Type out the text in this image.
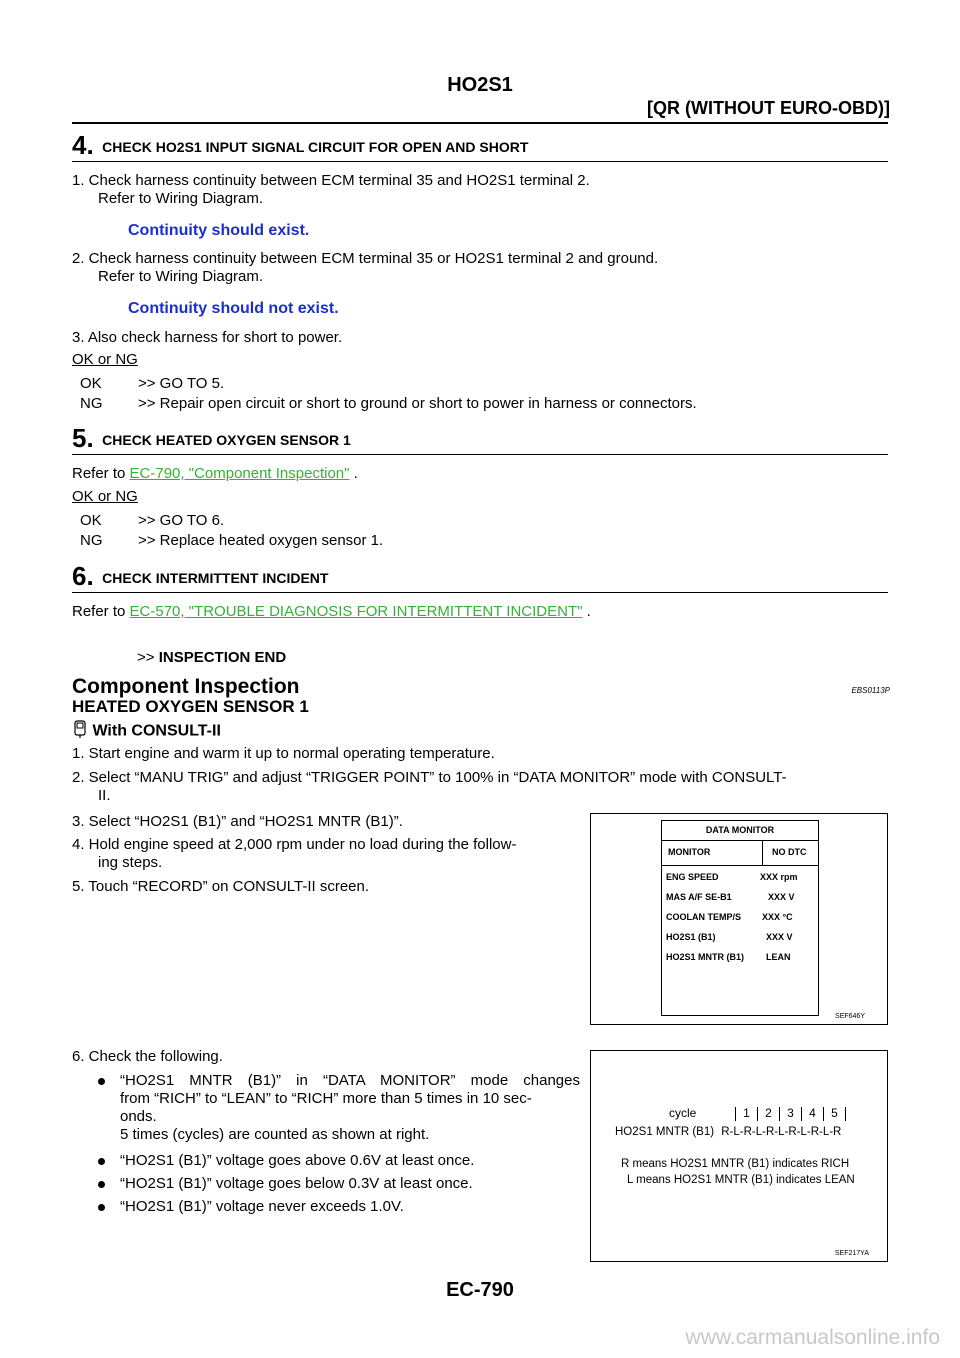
HO2S1
[QR (WITHOUT EURO-OBD)]
4. CHECK HO2S1 INPUT SIGNAL CIRCUIT FOR OPEN AND SHORT
1. Check harness continuity between ECM terminal 35 and HO2S1 terminal 2.
Refer to Wiring Diagram.
Continuity should exist.
2. Check harness continuity between ECM terminal 35 or HO2S1 terminal 2 and ground.
Refer to Wiring Diagram.
Continuity should not exist.
3. Also check harness for short to power.
OK or NG
OK >> GO TO 5.
NG >> Repair open circuit or short to ground or short to power in harness or connectors.
5. CHECK HEATED OXYGEN SENSOR 1
Refer to EC-790, "Component Inspection" .
OK or NG
OK >> GO TO 6.
NG >> Replace heated oxygen sensor 1.
6. CHECK INTERMITTENT INCIDENT
Refer to EC-570, "TROUBLE DIAGNOSIS FOR INTERMITTENT INCIDENT" .
>> INSPECTION END
Component Inspection	EBS0113P
HEATED OXYGEN SENSOR 1
With CONSULT-II
1. Start engine and warm it up to normal operating temperature.
2. Select “MANU TRIG” and adjust “TRIGGER POINT” to 100% in “DATA MONITOR” mode with CONSULT-
II.
3. Select “HO2S1 (B1)” and “HO2S1 MNTR (B1)”.
4. Hold engine speed at 2,000 rpm under no load during the follow-
ing steps.
5. Touch “RECORD” on CONSULT-II screen.
6. Check the following.
“HO2S1 MNTR (B1)” in “DATA MONITOR” mode changes
from “RICH” to “LEAN” to “RICH” more than 5 times in 10 sec-
onds.
5 times (cycles) are counted as shown at right.
“HO2S1 (B1)” voltage goes above 0.6V at least once.
“HO2S1 (B1)” voltage goes below 0.3V at least once.
“HO2S1 (B1)” voltage never exceeds 1.0V.
DATA MONITOR
MONITOR	NO DTC
ENG SPEED	XXX rpm
MAS A/F SE-B1	XXX V
COOLAN TEMP/S XXX °C
HO2S1 (B1)	XXX V
HO2S1 MNTR (B1) LEAN
SEF646Y
cycle	1 2 3 4 5
HO2S1 MNTR (B1) R-L-R-L-R-L-R-L-R-L-R
R means HO2S1 MNTR (B1) indicates RICH
L means HO2S1 MNTR (B1) indicates LEAN
SEF217YA
EC-790
www.carmanualsonline.info
